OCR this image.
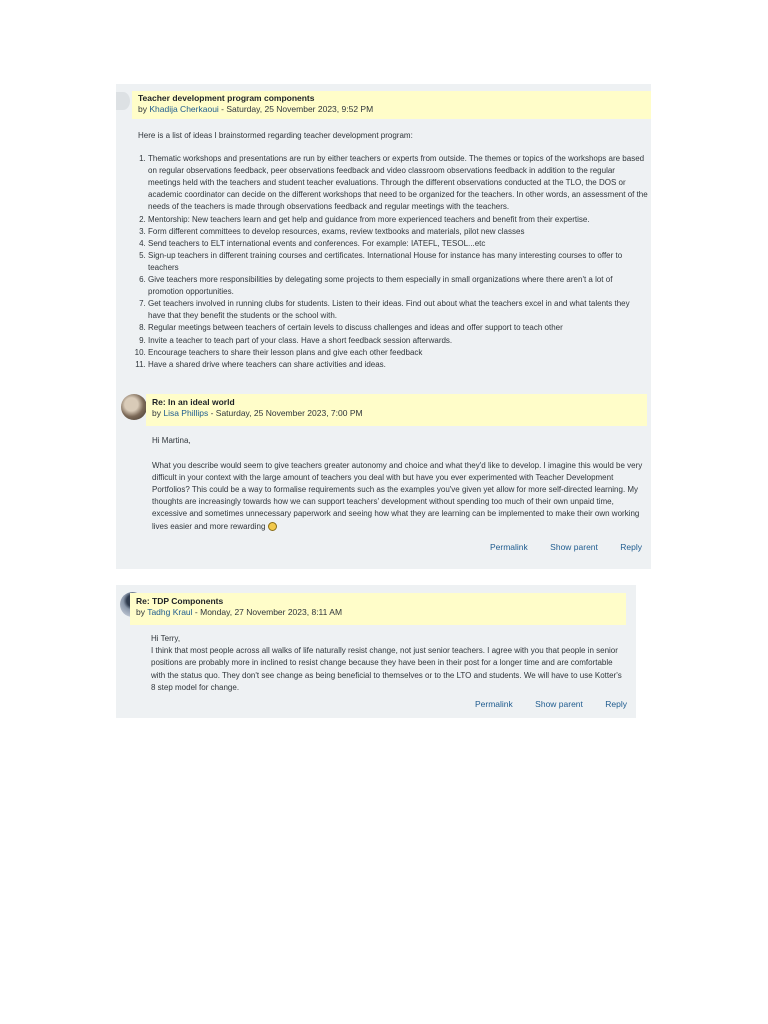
Teacher development program components
by Khadija Cherkaoui - Saturday, 25 November 2023, 9:52 PM

Here is a list of ideas I brainstormed regarding teacher development program:

1. Thematic workshops and presentations are run by either teachers or experts from outside. The themes or topics of the workshops are based on regular observations feedback, peer observations feedback and video classroom observations feedback in addition to the regular meetings held with the teachers and student teacher evaluations. Through the different observations conducted at the TLO, the DOS or academic coordinator can decide on the different workshops that need to be organized for the teachers. In other words, an assessment of the needs of the teachers is made through observations feedback and regular meetings with the teachers.
2. Mentorship: New teachers learn and get help and guidance from more experienced teachers and benefit from their expertise.
3. Form different committees to develop resources, exams, review textbooks and materials, pilot new classes
4. Send teachers to ELT international events and conferences. For example: IATEFL, TESOL...etc
5. Sign-up teachers in different training courses and certificates. International House for instance has many interesting courses to offer to teachers
6. Give teachers more responsibilities by delegating some projects to them especially in small organizations where there aren't a lot of promotion opportunities.
7. Get teachers involved in running clubs for students. Listen to their ideas. Find out about what the teachers excel in and what talents they have that they benefit the students or the school with.
8. Regular meetings between teachers of certain levels to discuss challenges and ideas and offer support to teach other
9. Invite a teacher to teach part of your class. Have a short feedback session afterwards.
10. Encourage teachers to share their lesson plans and give each other feedback
11. Have a shared drive where teachers can share activities and ideas.
Re: In an ideal world
by Lisa Phillips - Saturday, 25 November 2023, 7:00 PM

Hi Martina,

What you describe would seem to give teachers greater autonomy and choice and what they'd like to develop. I imagine this would be very difficult in your context with the large amount of teachers you deal with but have you ever experimented with Teacher Development Portfolios? This could be a way to formalise requirements such as the examples you've given yet allow for more self-directed learning. My thoughts are increasingly towards how we can support teachers' development without spending too much of their own unpaid time, excessive and sometimes unnecessary paperwork and seeing how what they are learning can be implemented to make their own working lives easier and more rewarding

Permalink	Show parent	Reply
Re: TDP Components
by Tadhg Kraul - Monday, 27 November 2023, 8:11 AM
Hi Terry,
I think that most people across all walks of life naturally resist change, not just senior teachers. I agree with you that people in senior positions are probably more in inclined to resist change because they have been in their post for a longer time and are comfortable with the status quo. They don't see change as being beneficial to themselves or to the LTO and students. We will have to use Kotter's 8 step model for change.
Permalink	Show parent	Reply
